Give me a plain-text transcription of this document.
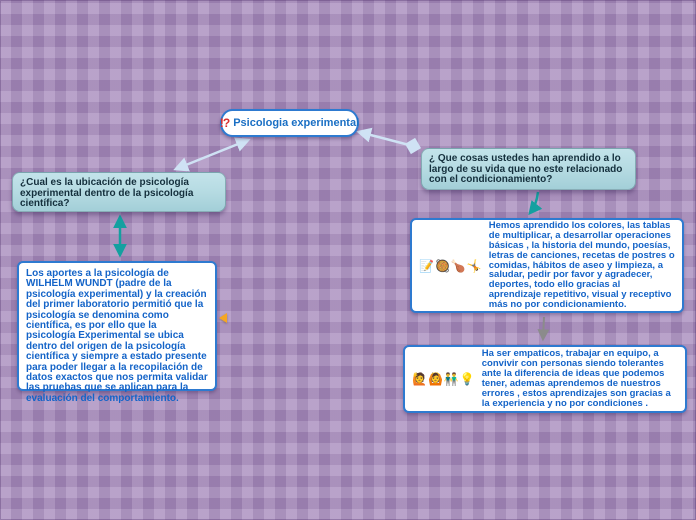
!? Psicologia experimental
¿Cual es la ubicación de psicología experimental dentro de la psicología científica?
¿ Que cosas ustedes han aprendido a lo largo de su vida que no este relacionado con el condicionamiento?
Los aportes a la psicología de WILHELM WUNDT (padre de la psicología experimental) y la creación del primer laboratorio permitió que la psicología se denomina como científica, es por ello que la psicología Experimental se ubica dentro del origen de la psicología científica y siempre a estado presente para poder llegar a la recopilación de datos exactos que nos permita validar las pruebas que se aplican para la evaluación del comportamiento.
📝🥘🍗🤸
Hemos aprendido los colores, las tablas de multiplicar, a desarrollar operaciones básicas , la historia del mundo, poesías, letras de canciones, recetas de postres o comidas, hábitos de aseo y limpieza, a saludar, pedir por favor y agradecer, deportes, todo ello gracias al aprendizaje repetitivo, visual y receptivo más no por condicionamiento.
🙋🙆👬💡
Ha ser empaticos, trabajar en equipo, a convivir con personas siendo tolerantes ante la diferencia de ideas que podemos tener, ademas aprendemos de nuestros errores , estos aprendizajes son gracias a la experiencia y no por condiciones .
